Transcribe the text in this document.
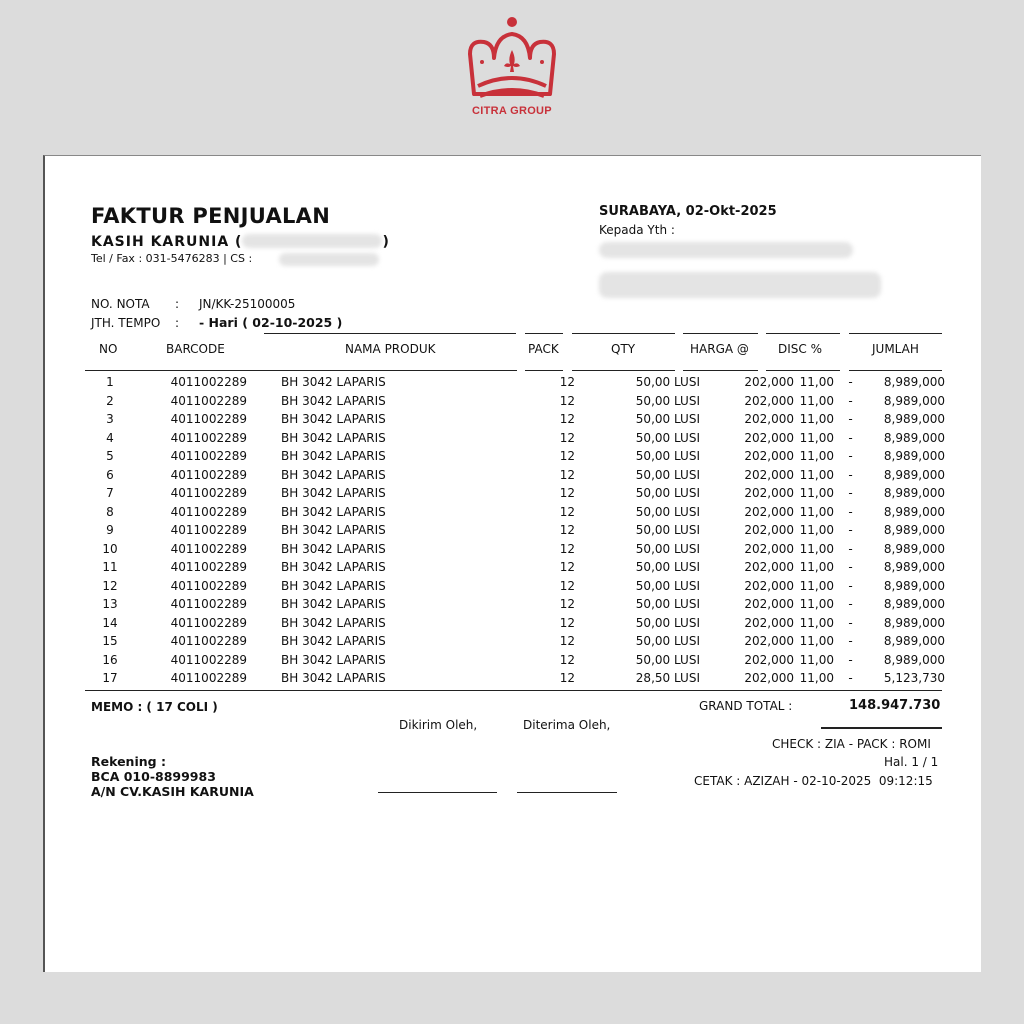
CITRA GROUP
FAKTUR PENJUALAN
KASIH KARUNIA (	)
Tel / Fax : 031-5476283 | CS :
SURABAYA, 02-Okt-2025
Kepada Yth :
NO. NOTA : JN/KK-25100005
JTH. TEMPO : - Hari ( 02-10-2025 )
NO	BARCODE	NAMA PRODUK	PACK	QTY	HARGA @ DISC %	JUMLAH
1	4011002289	BH 3042 LAPARIS	12	50,00 LUSI	202,000	11,00	-	8,989,000
2	4011002289	BH 3042 LAPARIS	12	50,00 LUSI	202,000	11,00	-	8,989,000
3	4011002289	BH 3042 LAPARIS	12	50,00 LUSI	202,000	11,00	-	8,989,000
4	4011002289	BH 3042 LAPARIS	12	50,00 LUSI	202,000	11,00	-	8,989,000
5	4011002289	BH 3042 LAPARIS	12	50,00 LUSI	202,000	11,00	-	8,989,000
6	4011002289	BH 3042 LAPARIS	12	50,00 LUSI	202,000	11,00	-	8,989,000
7	4011002289	BH 3042 LAPARIS	12	50,00 LUSI	202,000	11,00	-	8,989,000
8	4011002289	BH 3042 LAPARIS	12	50,00 LUSI	202,000	11,00	-	8,989,000
9	4011002289	BH 3042 LAPARIS	12	50,00 LUSI	202,000	11,00	-	8,989,000
10	4011002289	BH 3042 LAPARIS	12	50,00 LUSI	202,000	11,00	-	8,989,000
11	4011002289	BH 3042 LAPARIS	12	50,00 LUSI	202,000	11,00	-	8,989,000
12	4011002289	BH 3042 LAPARIS	12	50,00 LUSI	202,000	11,00	-	8,989,000
13	4011002289	BH 3042 LAPARIS	12	50,00 LUSI	202,000	11,00	-	8,989,000
14	4011002289	BH 3042 LAPARIS	12	50,00 LUSI	202,000	11,00	-	8,989,000
15	4011002289	BH 3042 LAPARIS	12	50,00 LUSI	202,000	11,00	-	8,989,000
16	4011002289	BH 3042 LAPARIS	12	50,00 LUSI	202,000	11,00	-	8,989,000
17	4011002289	BH 3042 LAPARIS	12	28,50 LUSI	202,000	11,00	-	5,123,730
MEMO : ( 17 COLI )	GRAND TOTAL :	148.947.730
Dikirim Oleh,	Diterima Oleh,
CHECK : ZIA - PACK : ROMI
Hal. 1 / 1
CETAK : AZIZAH - 02-10-2025  09:12:15
Rekening :
BCA 010-8899983
A/N CV.KASIH KARUNIA
